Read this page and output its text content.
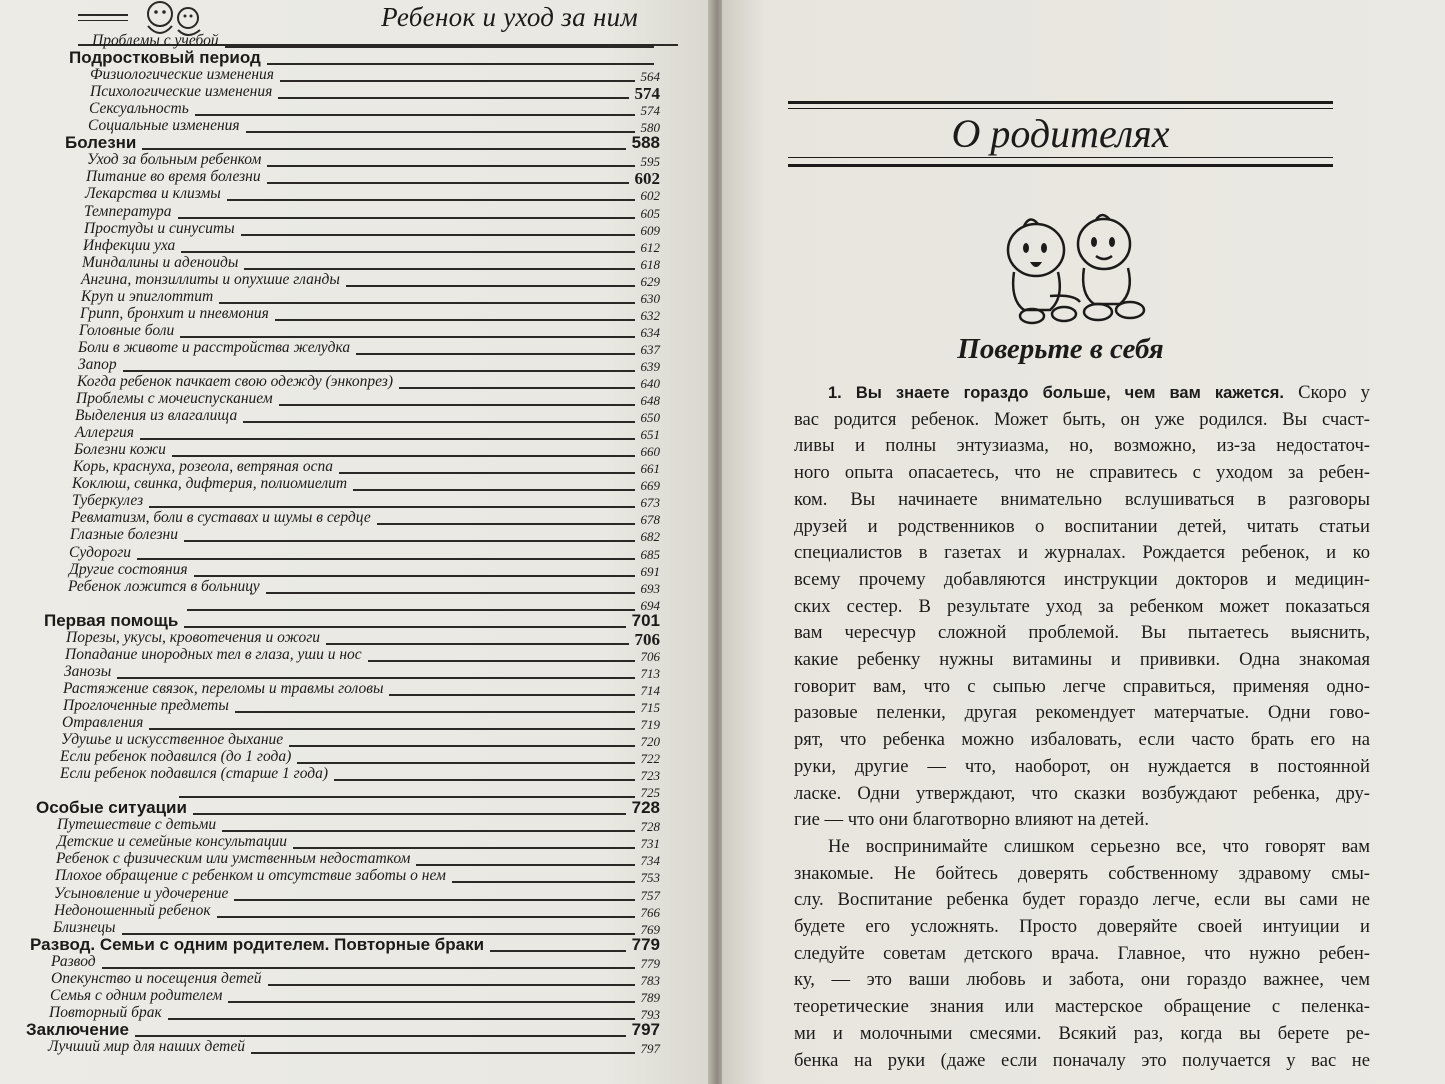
Ребенок и уход за ним
Проблемы с учебой
Подростковый период
Физиологические изменения	564
Психологические изменения	574
Сексуальность	574
Социальные изменения	580
Болезни	588
Уход за больным ребенком	595
Питание во время болезни	602
Лекарства и клизмы	602
Температура	605
Простуды и синуситы	609
Инфекции уха	612
Миндалины и аденоиды	618
Ангина, тонзиллиты и опухшие гланды	629
Круп и эпиглоттит	630
Грипп, бронхит и пневмония	632
Головные боли	634
Боли в животе и расстройства желудка	637
Запор	639
Когда ребенок пачкает свою одежду (энкопрез)	640
Проблемы с мочеиспусканием	648
Выделения из влагалища	650
Аллергия	651
Болезни кожи	660
Корь, краснуха, розеола, ветряная оспа	661
Коклюш, свинка, дифтерия, полиомиелит	669
Туберкулез	673
Ревматизм, боли в суставах и шумы в сердце	678
Глазные болезни	682
Судороги	685
Другие состояния	691
Ребенок ложится в больницу	693
694
Первая помощь	701
Порезы, укусы, кровотечения и ожоги	706
Попадание инородных тел в глаза, уши и нос	706
Занозы	713
Растяжение связок, переломы и травмы головы	714
Проглоченные предметы	715
Отравления	719
Удушье и искусственное дыхание	720
Если ребенок подавился (до 1 года)	722
Если ребенок подавился (старше 1 года)	723
725
Особые ситуации	728
Путешествие с детьми	728
Детские и семейные консультации	731
Ребенок с физическим или умственным недостатком	734
Плохое обращение с ребенком и отсутствие заботы о нем	753
Усыновление и удочерение	757
Недоношенный ребенок	766
Близнецы	769
Развод. Семьи с одним родителем. Повторные браки	779
Развод	779
Опекунство и посещения детей	783
Семья с одним родителем	789
Повторный брак	793
Заключение	797
Лучший мир для наших детей	797
О родителях
Поверьте в себя
1. Вы знаете гораздо больше, чем вам кажется. Скоро у
вас родится ребенок. Может быть, он уже родился. Вы счаст-
ливы и полны энтузиазма, но, возможно, из-за недостаточ-
ного опыта опасаетесь, что не справитесь с уходом за ребен-
ком. Вы начинаете внимательно вслушиваться в разговоры
друзей и родственников о воспитании детей, читать статьи
специалистов в газетах и журналах. Рождается ребенок, и ко
всему прочему добавляются инструкции докторов и медицин-
ских сестер. В результате уход за ребенком может показаться
вам чересчур сложной проблемой. Вы пытаетесь выяснить,
какие ребенку нужны витамины и прививки. Одна знакомая
говорит вам, что с сыпью легче справиться, применяя одно-
разовые пеленки, другая рекомендует матерчатые. Одни гово-
рят, что ребенка можно избаловать, если часто брать его на
руки, другие — что, наоборот, он нуждается в постоянной
ласке. Одни утверждают, что сказки возбуждают ребенка, дру-
гие — что они благотворно влияют на детей.
Не воспринимайте слишком серьезно все, что говорят вам
знакомые. Не бойтесь доверять собственному здравому смы-
слу. Воспитание ребенка будет гораздо легче, если вы сами не
будете его усложнять. Просто доверяйте своей интуиции и
следуйте советам детского врача. Главное, что нужно ребен-
ку, — это ваши любовь и забота, они гораздо важнее, чем
теоретические знания или мастерское обращение с пеленка-
ми и молочными смесями. Всякий раз, когда вы берете ре-
бенка на руки (даже если поначалу это получается у вас не
